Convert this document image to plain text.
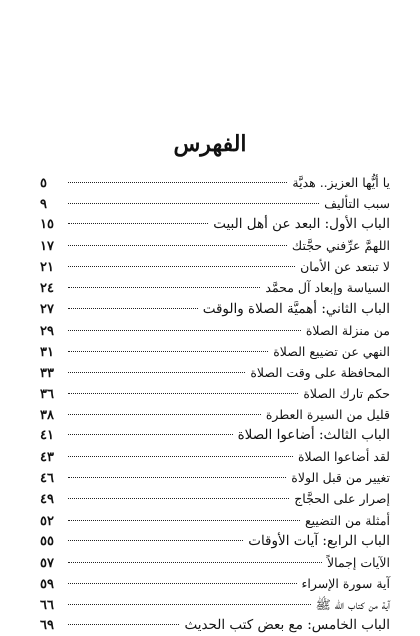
الفهرس
يا أيُّها العزيز.. هديَّة
٥
سبب التأليف
٩
الباب الأول: البعد عن أهل البيت
١٥
اللهمَّ عرِّفني حجَّتك
١٧
لا تبتعد عن الأمان
٢١
السياسة وإبعاد آل محمَّد
٢٤
الباب الثاني: أهميَّة الصلاة والوقت
٢٧
من منزلة الصلاة
٢٩
النهي عن تضييع الصلاة
٣١
المحافظة على وقت الصلاة
٣٣
حكم تارك الصلاة
٣٦
قليل من السيرة العطرة
٣٨
الباب الثالث: أضاعوا الصلاة
٤١
لقد أضاعوا الصلاة
٤٣
تغيير من قبل الولاة
٤٦
إصرار على الحجَّاج
٤٩
أمثلة من التضييع
٥٢
الباب الرابع: آيات الأوقات
٥٥
الآيات إجمالاً
٥٧
آية سورة الإسراء
٥٩
آية من كتاب الله ﷺ
٦٦
الباب الخامس: مع بعض كتب الحديث
٦٩
